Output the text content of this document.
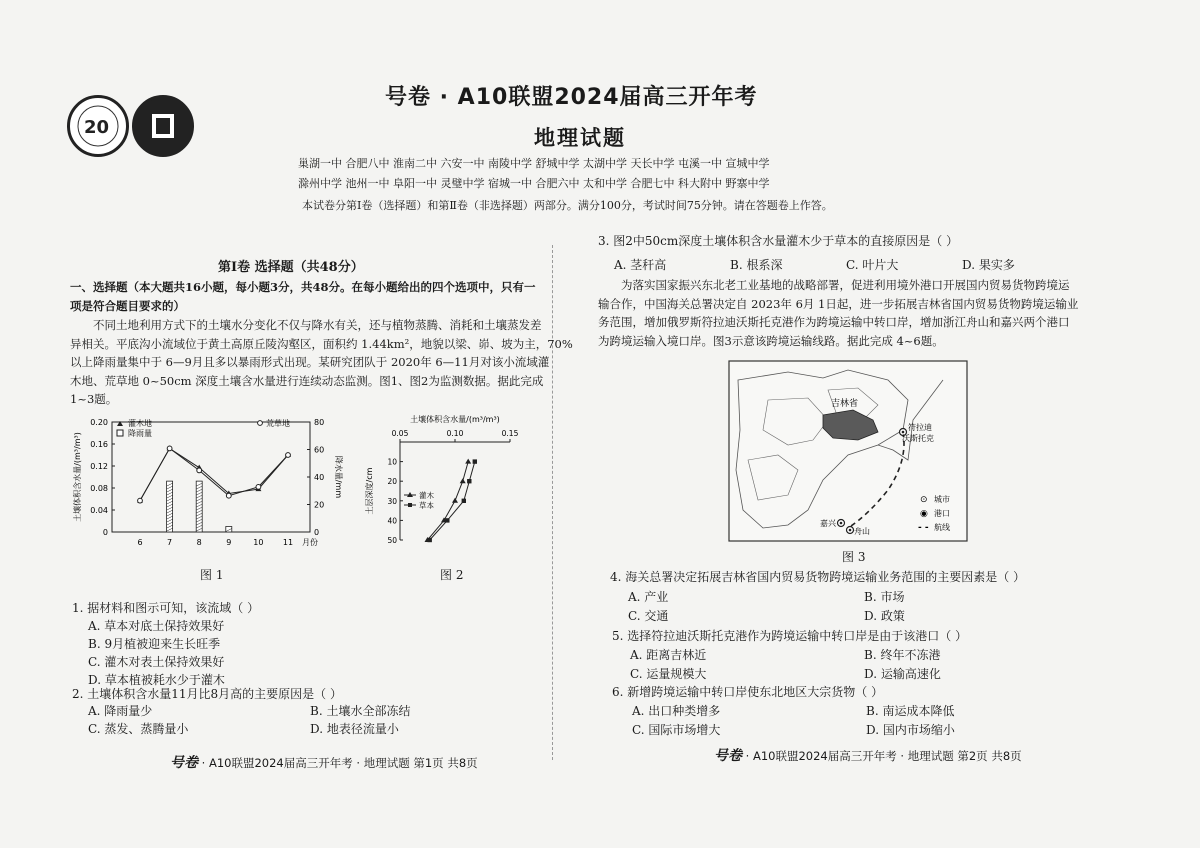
20
号卷 · A10联盟2024届高三开年考
地理试题
巢湖一中 合肥八中 淮南二中 六安一中 南陵中学 舒城中学 太湖中学 天长中学 屯溪一中 宣城中学
滁州中学 池州一中 阜阳一中 灵璧中学 宿城一中 合肥六中 太和中学 合肥七中 科大附中 野寨中学
本试卷分第Ⅰ卷（选择题）和第Ⅱ卷（非选择题）两部分。满分100分，考试时间75分钟。请在答题卷上作答。
第Ⅰ卷 选择题（共48分）
一、选择题（本大题共16小题，每小题3分，共48分。在每小题给出的四个选项中，只有一
项是符合题目要求的）
不同土地利用方式下的土壤水分变化不仅与降水有关，还与植物蒸腾、消耗和土壤蒸发差
异相关。平底沟小流域位于黄土高原丘陵沟壑区，面积约 1.44km²，地貌以梁、峁、坡为主，70%
以上降雨量集中于 6—9月且多以暴雨形式出现。某研究团队于 2020年 6—11月对该小流域灌
木地、荒草地 0~50cm 深度土壤含水量进行连续动态监测。图1、图2为监测数据。据此完成
1~3题。
0
0.04
0.08
0.12
0.16
0.20
0
20
40
60
80
6	7	8	9	10 11 月份
土壤体积含水量/(m³/m³)	降水量/mm
灌木地
降雨量
荒草地
图 1
土壤体积含水量/(m³/m³)
0.05	0.10	0.15
10
20
30
40
50
土层深度/cm	灌木
草本
图 2
1. 据材料和图示可知，该流域（ ）
A. 草本对底土保持效果好
B. 9月植被迎来生长旺季
C. 灌木对表土保持效果好
D. 草本植被耗水少于灌木
2. 土壤体积含水量11月比8月高的主要原因是（ ）
A. 降雨量少	B. 土壤水全部冻结
C. 蒸发、蒸腾量小	D. 地表径流量小
号卷 · A10联盟2024届高三开年考 · 地理试题 第1页 共8页
3. 图2中50cm深度土壤体积含水量灌木少于草本的直接原因是（ ）
A. 茎秆高	B. 根系深	C. 叶片大	D. 果实多
为落实国家振兴东北老工业基地的战略部署，促进利用境外港口开展国内贸易货物跨境运
输合作，中国海关总署决定自 2023年 6月 1日起，进一步拓展吉林省国内贸易货物跨境运输业
务范围，增加俄罗斯符拉迪沃斯托克港作为跨境运输中转口岸，增加浙江舟山和嘉兴两个港口
为跨境运输入境口岸。图3示意该跨境运输线路。据此完成 4~6题。
吉林省
符拉迪
沃斯托克
嘉兴
舟山
⊙ 城市
◉ 港口
- - 航线
图 3
4. 海关总署决定拓展吉林省国内贸易货物跨境运输业务范围的主要因素是（ ）
A. 产业	B. 市场
C. 交通	D. 政策
5. 选择符拉迪沃斯托克港作为跨境运输中转口岸是由于该港口（ ）
A. 距离吉林近	B. 终年不冻港
C. 运量规模大	D. 运输高速化
6. 新增跨境运输中转口岸使东北地区大宗货物（ ）
A. 出口种类增多	B. 南运成本降低
C. 国际市场增大	D. 国内市场缩小
号卷 · A10联盟2024届高三开年考 · 地理试题 第2页 共8页
